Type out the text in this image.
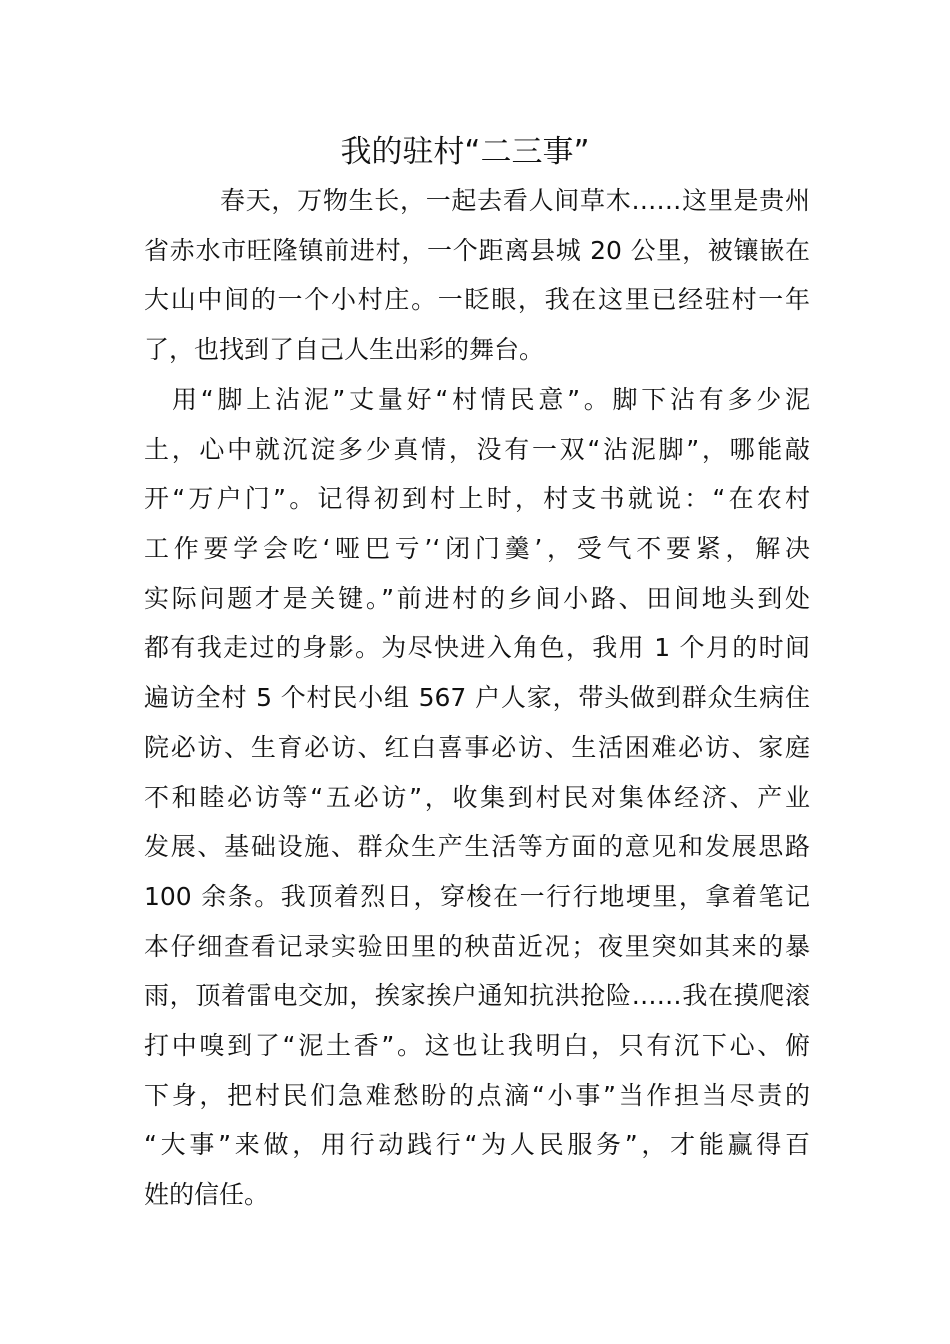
我的驻村“二三事”
春天，万物生长，一起去看人间草木……这里是贵州
省赤水市旺隆镇前进村，一个距离县城 20 公里，被镶嵌在
大山中间的一个小村庄。一眨眼，我在这里已经驻村一年
了，也找到了自己人生出彩的舞台。
用“脚上沾泥”丈量好“村情民意”。脚下沾有多少泥
土，心中就沉淀多少真情，没有一双“沾泥脚”，哪能敲
开“万户门”。记得初到村上时，村支书就说：“在农村
工作要学会吃‘哑巴亏’‘闭门羹’，受气不要紧，解决
实际问题才是关键。”前进村的乡间小路、田间地头到处
都有我走过的身影。为尽快进入角色，我用 1 个月的时间
遍访全村 5 个村民小组 567 户人家，带头做到群众生病住
院必访、生育必访、红白喜事必访、生活困难必访、家庭
不和睦必访等“五必访”，收集到村民对集体经济、产业
发展、基础设施、群众生产生活等方面的意见和发展思路
100 余条。我顶着烈日，穿梭在一行行地埂里，拿着笔记
本仔细查看记录实验田里的秧苗近况；夜里突如其来的暴
雨，顶着雷电交加，挨家挨户通知抗洪抢险……我在摸爬滚
打中嗅到了“泥土香”。这也让我明白，只有沉下心、俯
下身，把村民们急难愁盼的点滴“小事”当作担当尽责的
“大事”来做，用行动践行“为人民服务”，才能赢得百
姓的信任。
